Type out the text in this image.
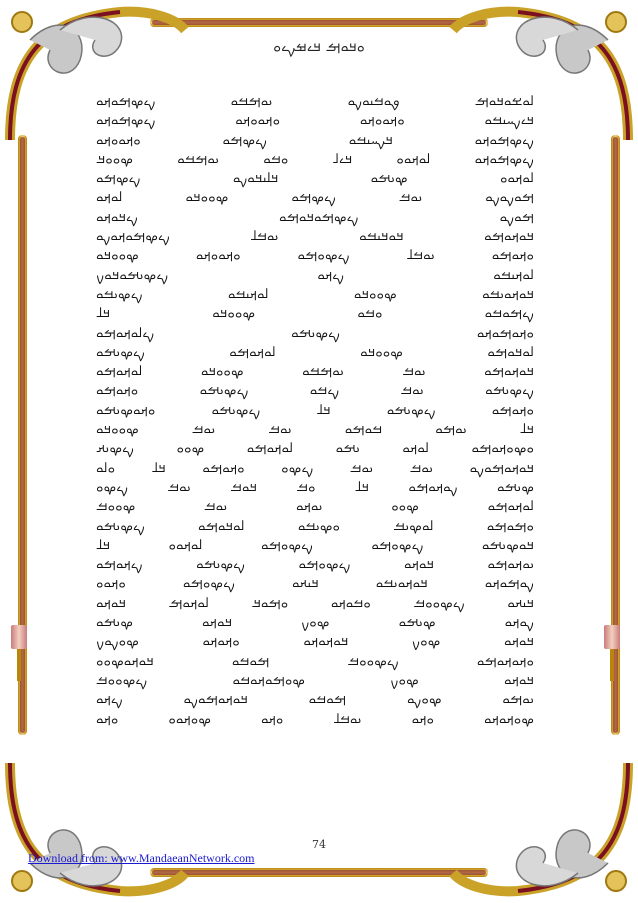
ࡀࡃࡀࡌ ࡃࡉࡒࡍࡉࡀ
ࡋࡀࡁࡀࡃࡀࡌ ࡐࡀࡓࡅࡀࡍࡀ ࡅࡀࡌࡓࡀ ࡍࡉࡔࡌࡀࡕࡀ
ࡃࡉࡍࡄࡅࡓࡀ ࡀࡕࡀࡀࡕࡀ ࡀࡕࡀࡀࡕࡀ ࡍࡉࡔࡌࡀࡕࡀ
ࡍࡉࡔࡌࡀࡕࡀ ࡃࡍࡄࡅࡓࡀ ࡍࡉࡔࡌࡀ ࡀࡕࡀࡀࡕࡀ
ࡍࡉࡔࡌࡀࡕࡀ ࡋࡀࡕࡀࡀ ࡃࡉࡋ ࡀࡓࡀ ࡅࡀࡌࡓࡀ ࡔࡀࡀࡃ
ࡋࡀࡕࡀࡀ ࡔࡅࡌࡀ ࡃࡋࡅࡃࡀࡍࡀ ࡍࡉࡔࡌࡀ
ࡌࡀࡍࡀࡍࡀ ࡅࡀࡓ ࡍࡉࡔࡌࡀ ࡔࡀࡀࡃࡀ ࡋࡀࡕࡀ
ࡌࡀࡍࡀ ࡍࡉࡔࡌࡀࡃࡀࡌࡀ ࡍࡉࡃࡀࡕࡀ
ࡃࡀࡕࡀࡌࡀ ࡃࡀࡃࡅࡓࡀ ࡅࡀࡓࡋ ࡍࡉࡔࡌࡀࡕࡀࡍࡀ
ࡀࡕࡀࡌࡀ ࡅࡀࡓࡋ ࡍࡉࡔࡀࡌࡀ ࡀࡕࡀࡀࡕࡀ ࡔࡀࡀࡃࡀ
ࡋࡀࡕࡅࡓࡀ ࡍࡉࡕࡀ ࡍࡉࡔࡅࡌࡀࡃࡀࡍ
ࡃࡀࡕࡀࡅࡓࡀ ࡔࡀࡀࡃࡀ ࡋࡀࡕࡅࡓࡀ ࡍࡉࡔࡅࡓࡀ
ࡍࡉࡌࡀࡓࡀ ࡀࡓࡀ ࡔࡀࡀࡃࡀ ࡃࡋ
ࡀࡕࡀࡌࡀࡕࡀ ࡍࡉࡔࡅࡌࡀ ࡍࡉࡋࡀࡕࡀࡌࡀ
ࡋࡀࡃࡀࡌࡀ ࡔࡀࡀࡃࡀ ࡋࡀࡕࡀࡌࡀ ࡍࡉࡔࡅࡌࡀ
ࡃࡀࡕࡀࡌࡀ ࡅࡀࡓ ࡅࡀࡌࡓࡀ ࡔࡀࡀࡃࡀ ࡋࡀࡕࡀࡌࡀ
ࡍࡉࡔࡅࡌࡀ ࡅࡀࡓ ࡍࡉࡓࡀ ࡍࡉࡔࡅࡌࡀ ࡀࡕࡀࡌࡀ
ࡀࡕࡀࡌࡀ ࡍࡉࡔࡅࡌࡀ ࡃࡋ ࡍࡉࡔࡅࡌࡀ ࡀࡕࡀࡔࡅࡌࡀ
ࡃࡋ ࡅࡀࡌࡀ ࡓࡀࡌࡀ ࡅࡀࡓ ࡅࡀࡓ ࡔࡀࡀࡃࡀ
ࡀࡔࡀࡕࡀࡌࡀ ࡋࡀࡕࡀ ࡅࡌࡀ ࡋࡀࡕࡀࡌࡀ ࡔࡀࡀ ࡍࡉࡔࡅࡕ
ࡃࡀࡕࡀࡌࡀࡍࡀ ࡅࡀࡓ ࡅࡀࡓ ࡍࡉࡔࡀ ࡀࡕࡀࡌࡀ ࡃࡋ ࡀࡋࡀ
ࡔࡅࡌࡀ ࡍࡀࡕࡀࡌࡀ ࡃࡋ ࡀࡓ ࡃࡀࡓ ࡅࡀࡓ ࡍࡉࡔࡀ
ࡋࡀࡕࡀࡌࡀ ࡔࡀࡀ ࡅࡀࡕࡀ ࡅࡀࡓ ࡔࡀࡀࡓ
ࡀࡌࡀࡌࡀ ࡋࡀࡔࡅࡓ ࡀࡔࡅࡓࡀ ࡋࡀࡃࡀࡌࡀ ࡍࡉࡔࡅࡌࡀ
ࡃࡀࡔࡅࡌࡀ ࡍࡉࡔࡀࡌࡀ ࡍࡉࡔࡀࡌࡀ ࡋࡀࡕࡀࡀ ࡃࡋ
ࡅࡀࡕࡀࡌࡀ ࡃࡀࡕࡀ ࡍࡉࡔࡀࡌࡀ ࡍࡉࡔࡅࡌࡀ ࡍࡉࡕࡀࡌࡀ
ࡍࡀࡌࡀࡕࡀ ࡃࡀࡕࡀࡅࡓࡀ ࡃࡅࡕࡀ ࡍࡉࡔࡀࡌࡀ ࡀࡕࡀࡀ
ࡃࡅࡕࡀ ࡍࡉࡔࡀࡀࡓ ࡀࡓࡀࡕࡀ ࡀࡌࡀࡃ ࡋࡀࡕࡀࡌ ࡃࡀࡕࡀ
ࡍࡀࡕࡀ ࡔࡅࡌࡀ ࡔࡀࡍ ࡃࡀࡕࡀ ࡔࡅࡌࡀ
ࡃࡀࡕࡀ ࡔࡀࡍ ࡃࡀࡕࡀࡕࡀ ࡀࡕࡀࡕࡀ ࡔࡀࡍࡀࡍ
ࡀࡕࡀࡕࡀࡌࡀ ࡍࡉࡔࡀࡀࡓ ࡌࡀࡓࡀ ࡃࡀࡕࡀࡔࡀࡀ
ࡃࡀࡕࡀ ࡔࡀࡍ ࡔࡀࡌࡀࡕࡀࡓࡀ ࡍࡉࡔࡀࡀࡓ
ࡅࡀࡌࡀ ࡔࡀࡍࡀ ࡌࡀࡓࡀ ࡃࡀࡕࡀࡌࡀࡍࡀ ࡍࡉࡕࡀ
ࡔࡀࡕࡀࡕࡀ ࡀࡕࡀ ࡅࡀࡓࡋ ࡀࡕࡀ ࡔࡀࡕࡀࡀ ࡀࡕࡀ
74
Download from: www.MandaeanNetwork.com
